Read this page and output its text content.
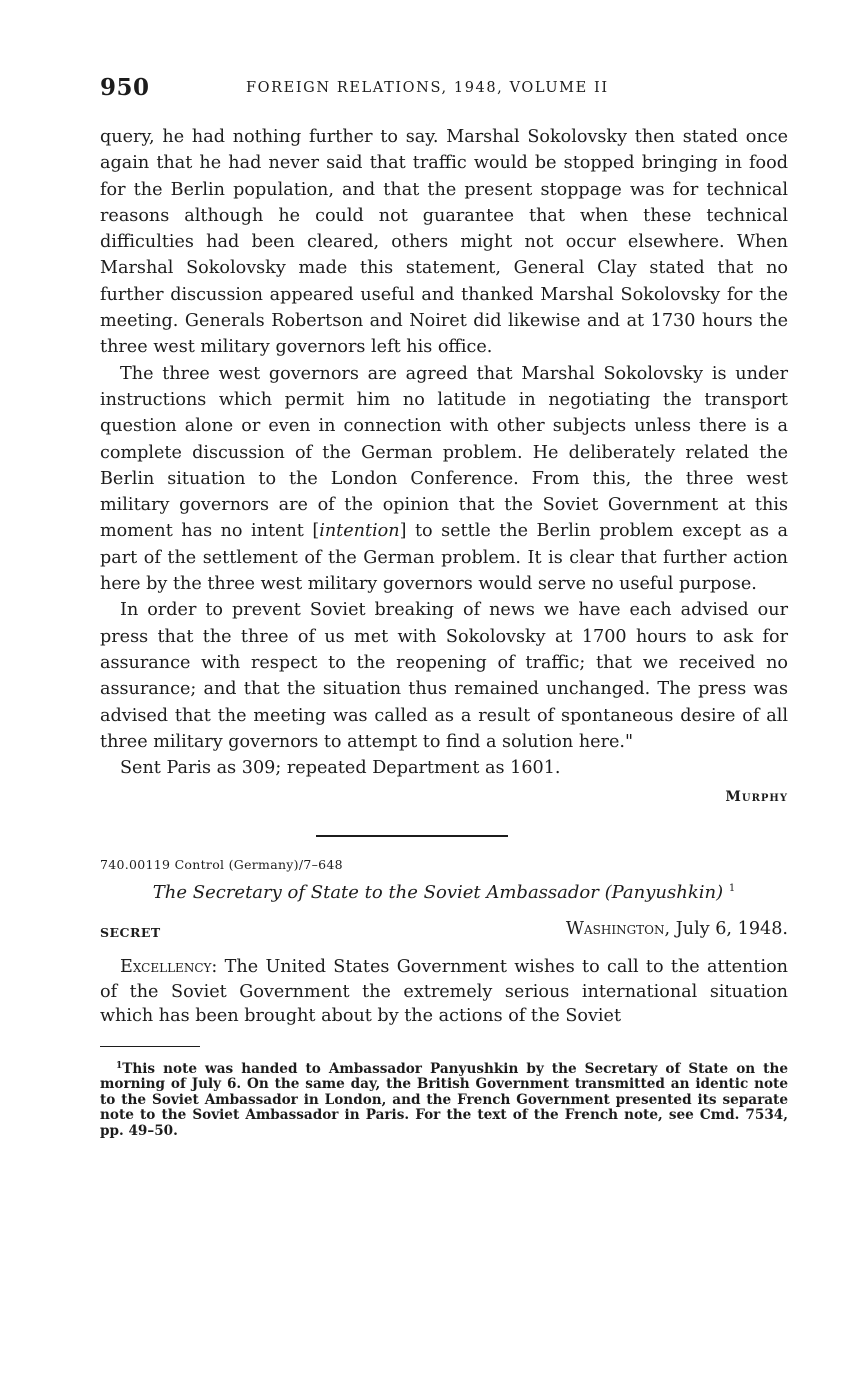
950	FOREIGN RELATIONS, 1948, VOLUME II

query, he had nothing further to say. Marshal Sokolovsky then stated once again that he had never said that traffic would be stopped bringing in food for the Berlin population, and that the present stoppage was for technical reasons although he could not guarantee that when these technical difficulties had been cleared, others might not occur elsewhere. When Marshal Sokolovsky made this statement, General Clay stated that no further discussion appeared useful and thanked Marshal Sokolovsky for the meeting. Generals Robertson and Noiret did likewise and at 1730 hours the three west military governors left his office.

The three west governors are agreed that Marshal Sokolovsky is under instructions which permit him no latitude in negotiating the transport question alone or even in connection with other subjects unless there is a complete discussion of the German problem. He deliberately related the Berlin situation to the London Conference. From this, the three west military governors are of the opinion that the Soviet Government at this moment has no intent [intention] to settle the Berlin problem except as a part of the settlement of the German problem. It is clear that further action here by the three west military governors would serve no useful purpose.

In order to prevent Soviet breaking of news we have each advised our press that the three of us met with Sokolovsky at 1700 hours to ask for assurance with respect to the reopening of traffic; that we received no assurance; and that the situation thus remained unchanged. The press was advised that the meeting was called as a result of spontaneous desire of all three military governors to attempt to find a solution here."

Sent Paris as 309; repeated Department as 1601.

Murphy
740.00119 Control (Germany)/7–648
The Secretary of State to the Soviet Ambassador (Panyushkin) $^1$
SECRET	Washington, July 6, 1948.

Excellency: The United States Government wishes to call to the attention of the Soviet Government the extremely serious international situation which has been brought about by the actions of the Soviet

$^1$This note was handed to Ambassador Panyushkin by the Secretary of State on the morning of July 6. On the same day, the British Government transmitted an identic note to the Soviet Ambassador in London, and the French Government presented its separate note to the Soviet Ambassador in Paris. For the text of the French note, see Cmd. 7534, pp. 49–50.
